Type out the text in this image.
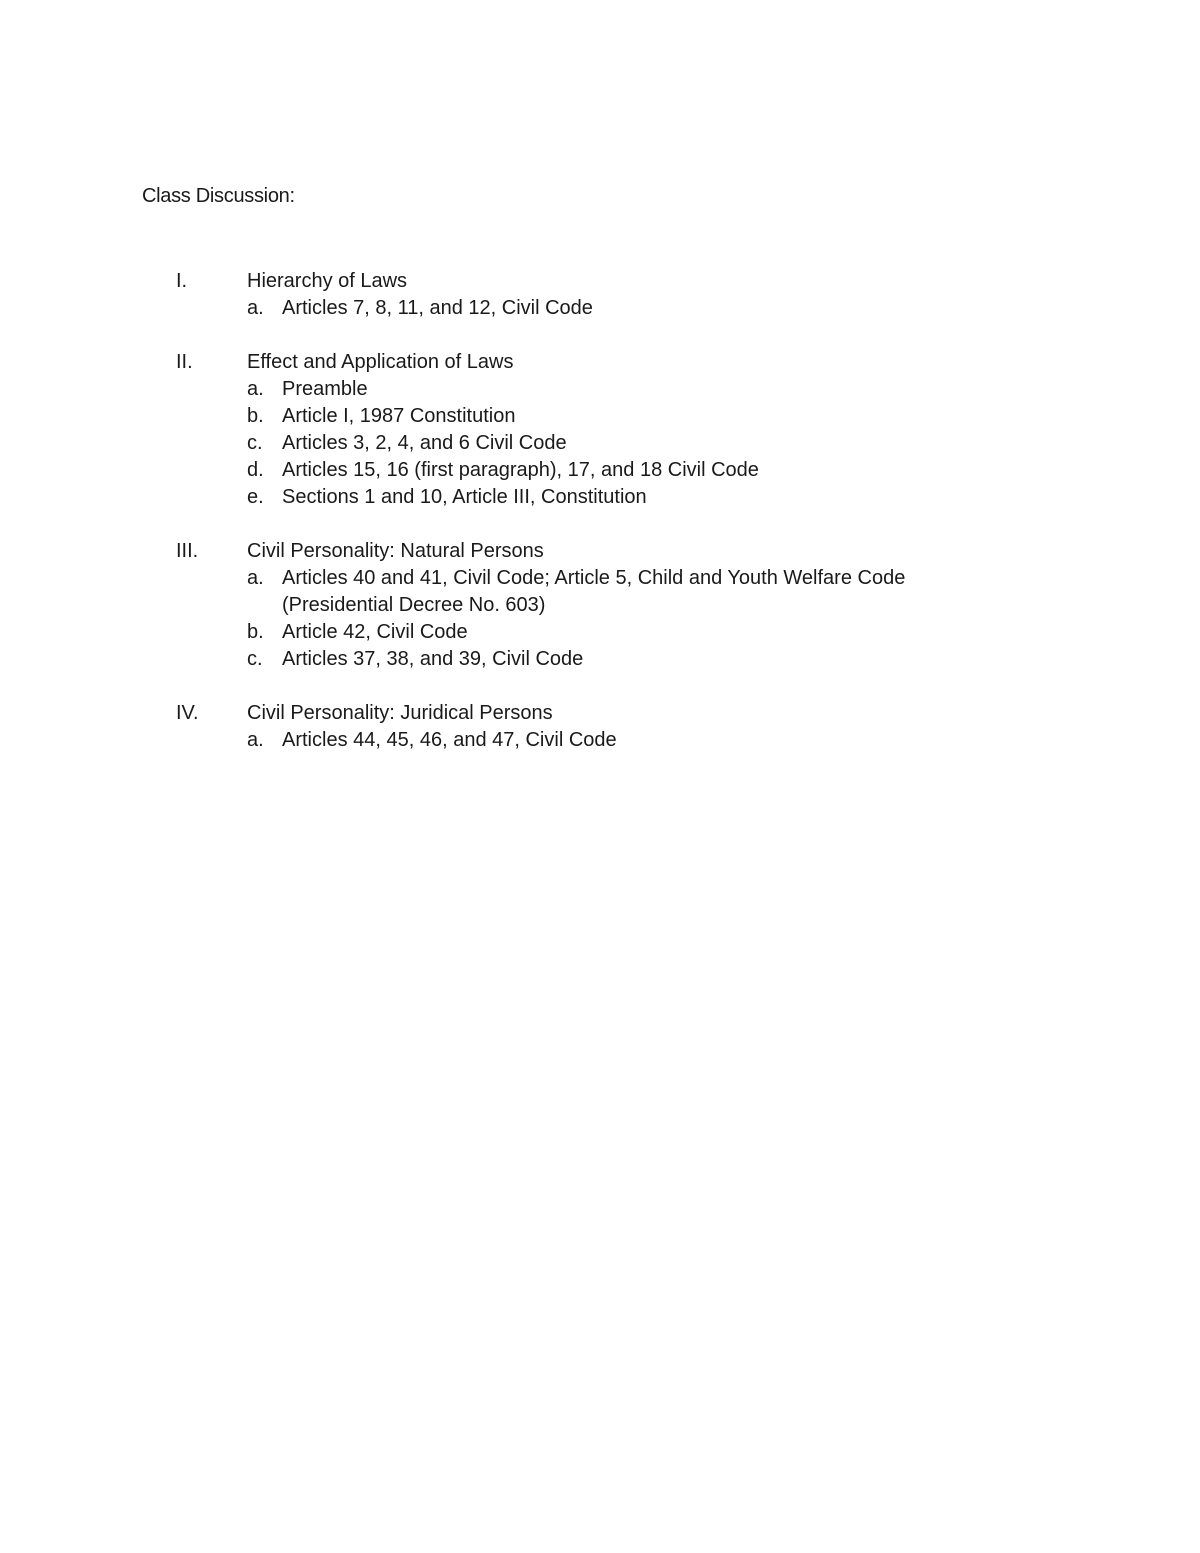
Class Discussion:
I.	Hierarchy of Laws
a. Articles 7, 8, 11, and 12, Civil Code
II.	Effect and Application of Laws
a. Preamble
b. Article I, 1987 Constitution
c. Articles 3, 2, 4, and 6 Civil Code
d. Articles 15, 16 (first paragraph), 17, and 18 Civil Code
e. Sections 1 and 10, Article III, Constitution
III. Civil Personality: Natural Persons
a. Articles 40 and 41, Civil Code; Article 5, Child and Youth Welfare Code (Presidential Decree No. 603)
b. Article 42, Civil Code
c. Articles 37, 38, and 39, Civil Code
IV. Civil Personality: Juridical Persons
a. Articles 44, 45, 46, and 47, Civil Code
